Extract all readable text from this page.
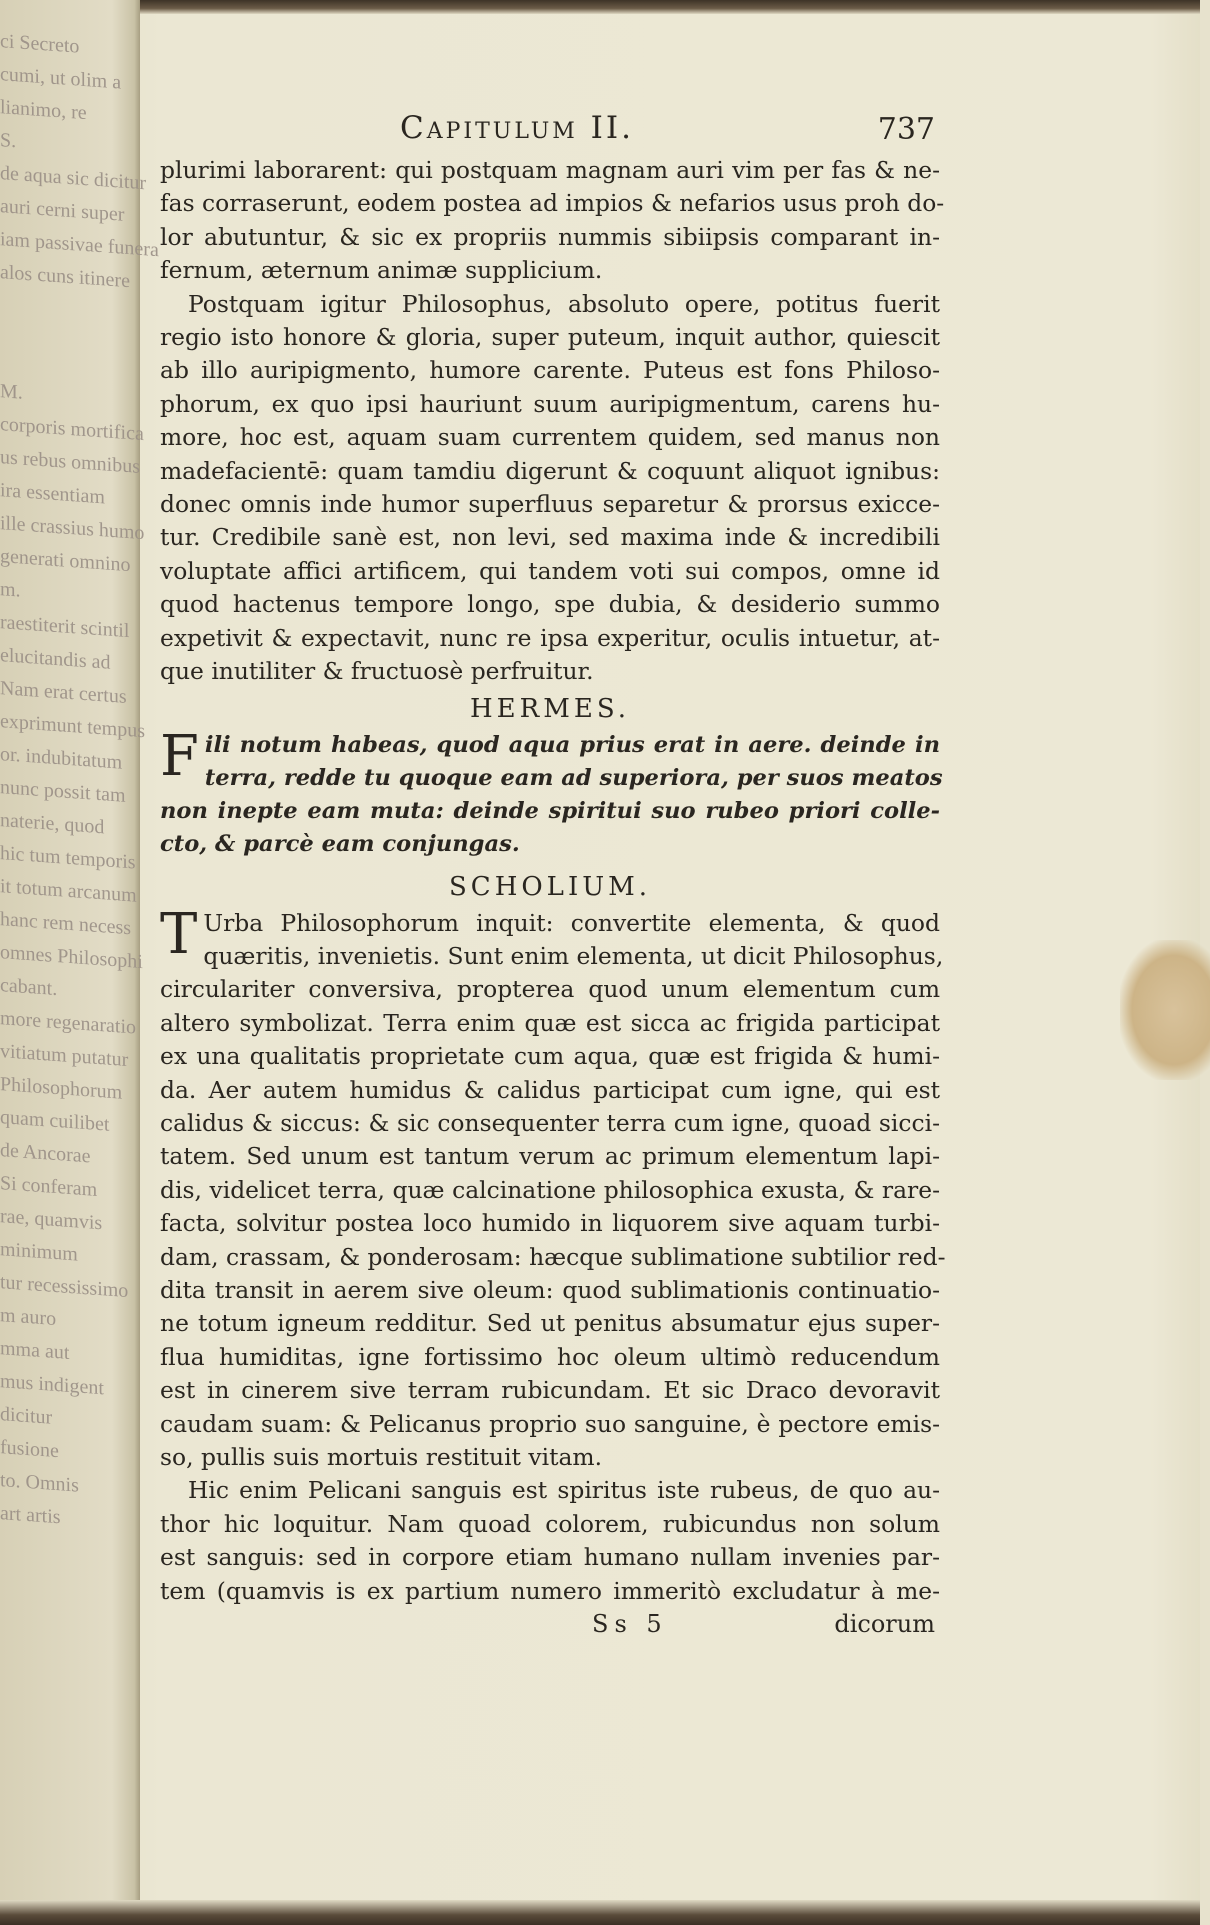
ci Secreto
cumi, ut olim a
lianimo, re
S.
de aqua sic dicitur
auri cerni super
iam passivae funera
alos cuns itinere
M.
corporis mortifica
us rebus omnibus
ira essentiam
ille crassius humo
generati omnino
m.
raestiterit scintil
elucitandis ad
Nam erat certus
exprimunt tempus
or. indubitatum
nunc possit tam
naterie, quod
hic tum temporis
it totum arcanum
hanc rem necess
omnes Philosophi
cabant.
more regenaratio
vitiatum putatur
Philosophorum
quam cuilibet
de Ancorae
Si conferam
rae, quamvis
minimum
tur recessissimo
m auro
mma aut
mus indigent
dicitur
fusione
to. Omnis
art artis
Capitulum II.	737
plurimi laborarent: qui postquam magnam auri vim per fas & ne-
fas corraserunt, eodem postea ad impios & nefarios usus proh do-
lor abutuntur, & sic ex propriis nummis sibiipsis comparant in-
fernum, æternum animæ supplicium.
Postquam igitur Philosophus, absoluto opere, potitus fuerit
regio isto honore & gloria, super puteum, inquit author, quiescit
ab illo auripigmento, humore carente. Puteus est fons Philoso-
phorum, ex quo ipsi hauriunt suum auripigmentum, carens hu-
more, hoc est, aquam suam currentem quidem, sed manus non
madefacientē: quam tamdiu digerunt & coquunt aliquot ignibus:
donec omnis inde humor superfluus separetur & prorsus exicce-
tur. Credibile sanè est, non levi, sed maxima inde & incredibili
voluptate affici artificem, qui tandem voti sui compos, omne id
quod hactenus tempore longo, spe dubia, & desiderio summo
expetivit & expectavit, nunc re ipsa experitur, oculis intuetur, at-
que inutiliter & fructuosè perfruitur.
HERMES.
F ili notum habeas, quod aqua prius erat in aere. deinde in
terra, redde tu quoque eam ad superiora, per suos meatos
non inepte eam muta: deinde spiritui suo rubeo priori colle-
cto, & parcè eam conjungas.
SCHOLIUM.
T Urba Philosophorum inquit: convertite elementa, & quod
quæritis, invenietis. Sunt enim elementa, ut dicit Philosophus,
circulariter conversiva, propterea quod unum elementum cum
altero symbolizat. Terra enim quæ est sicca ac frigida participat
ex una qualitatis proprietate cum aqua, quæ est frigida & humi-
da. Aer autem humidus & calidus participat cum igne, qui est
calidus & siccus: & sic consequenter terra cum igne, quoad sicci-
tatem. Sed unum est tantum verum ac primum elementum lapi-
dis, videlicet terra, quæ calcinatione philosophica exusta, & rare-
facta, solvitur postea loco humido in liquorem sive aquam turbi-
dam, crassam, & ponderosam: hæcque sublimatione subtilior red-
dita transit in aerem sive oleum: quod sublimationis continuatio-
ne totum igneum redditur. Sed ut penitus absumatur ejus super-
flua humiditas, igne fortissimo hoc oleum ultimò reducendum
est in cinerem sive terram rubicundam. Et sic Draco devoravit
caudam suam: & Pelicanus proprio suo sanguine, è pectore emis-
so, pullis suis mortuis restituit vitam.
Hic enim Pelicani sanguis est spiritus iste rubeus, de quo au-
thor hic loquitur. Nam quoad colorem, rubicundus non solum
est sanguis: sed in corpore etiam humano nullam invenies par-
tem (quamvis is ex partium numero immeritò excludatur à me-
Ss 5	dicorum
